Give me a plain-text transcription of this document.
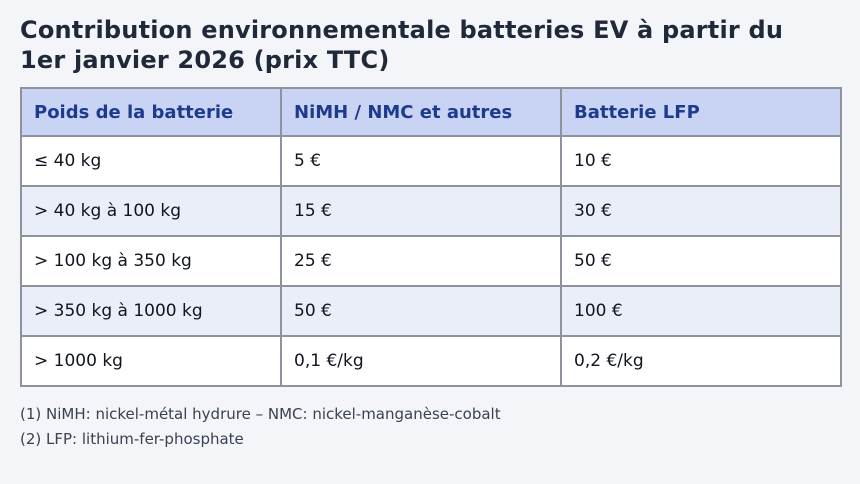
Contribution environnementale batteries EV à partir du 1er janvier 2026 (prix TTC)
Poids de la batterie	NiMH / NMC et autres	Batterie LFP
≤ 40 kg	5 €	10 €
> 40 kg à 100 kg	15 €	30 €
> 100 kg à 350 kg	25 €	50 €
> 350 kg à 1000 kg	50 €	100 €
> 1000 kg	0,1 €/kg	0,2 €/kg

(1) NiMH: nickel-métal hydrure – NMC: nickel-manganèse-cobalt

(2) LFP: lithium-fer-phosphate
